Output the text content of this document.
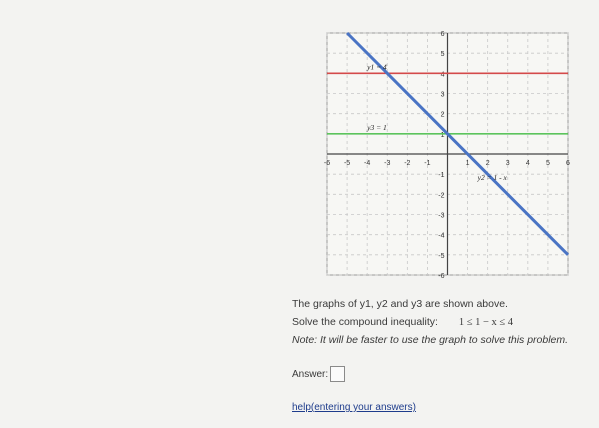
-6 -5 -4 -3 -2 -1	1 2 3 4 5 6
6
5
4
3
2
1
-1
-2
-3
-4
-5
-6
y1 = 4
y3 = 1
y2 = 1 - x
The graphs of y1, y2 and y3 are shown above.
Solve the compound inequality: 1 ≤ 1 − x ≤ 4
Note: It will be faster to use the graph to solve this problem.
Answer:
help(entering your answers)
